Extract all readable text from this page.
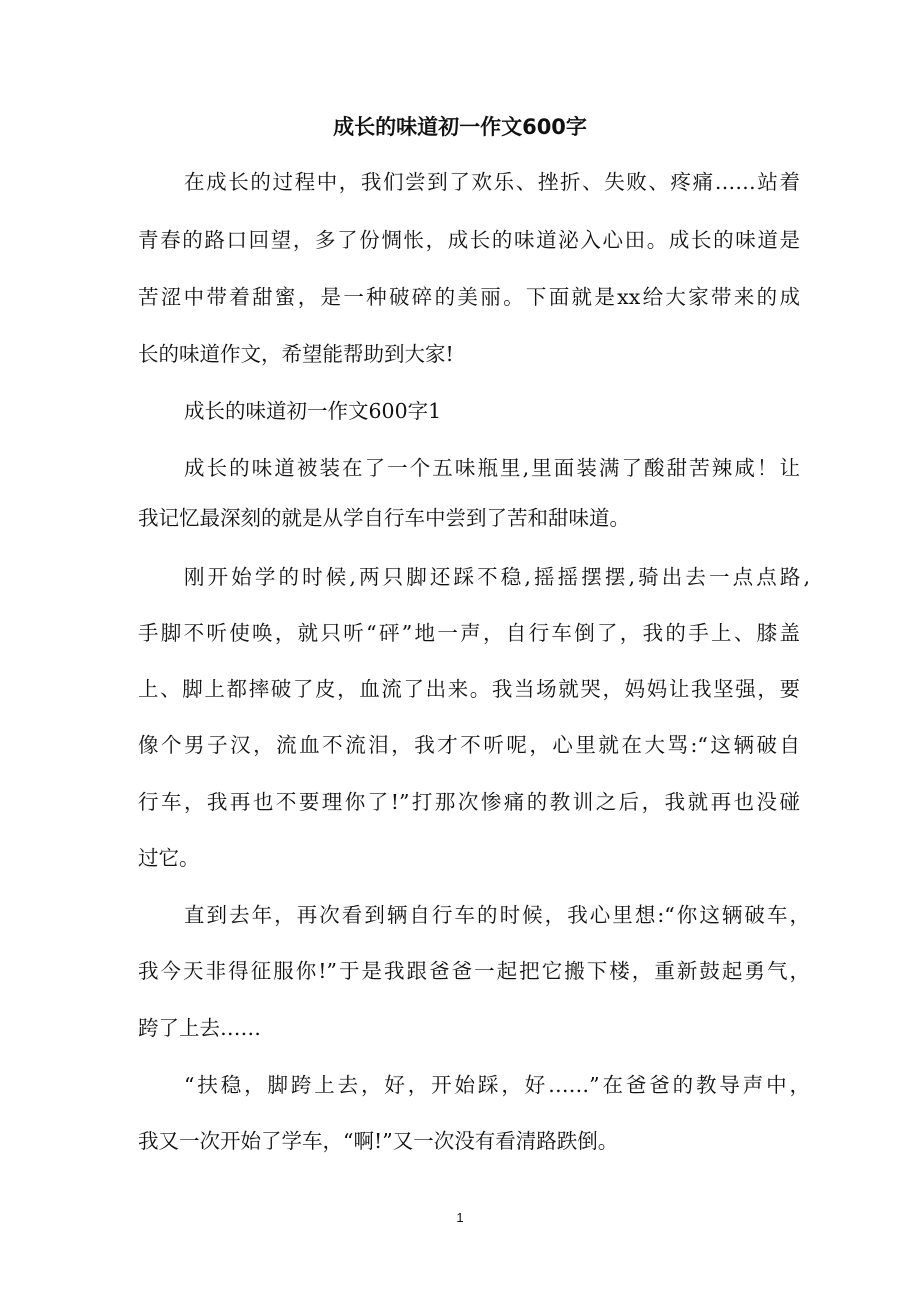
成长的味道初一作文600字
在成长的过程中，我们尝到了欢乐、挫折、失败、疼痛……站着
青春的路口回望，多了份惆怅，成长的味道泌入心田。成长的味道是
苦涩中带着甜蜜，是一种破碎的美丽。下面就是xx给大家带来的成
长的味道作文，希望能帮助到大家!
成长的味道初一作文600字1
成长的味道被装在了一个五味瓶里,里面装满了酸甜苦辣咸！让
我记忆最深刻的就是从学自行车中尝到了苦和甜味道。
刚开始学的时候,两只脚还踩不稳,摇摇摆摆,骑出去一点点路,
手脚不听使唤，就只听“砰”地一声，自行车倒了，我的手上、膝盖
上、脚上都摔破了皮，血流了出来。我当场就哭，妈妈让我坚强，要
像个男子汉，流血不流泪，我才不听呢，心里就在大骂:“这辆破自
行车，我再也不要理你了!”打那次惨痛的教训之后，我就再也没碰
过它。
直到去年，再次看到辆自行车的时候，我心里想:“你这辆破车，
我今天非得征服你!”于是我跟爸爸一起把它搬下楼，重新鼓起勇气，
跨了上去……
“扶稳，脚跨上去，好，开始踩，好……”在爸爸的教导声中，
我又一次开始了学车，“啊!”又一次没有看清路跌倒。
1
